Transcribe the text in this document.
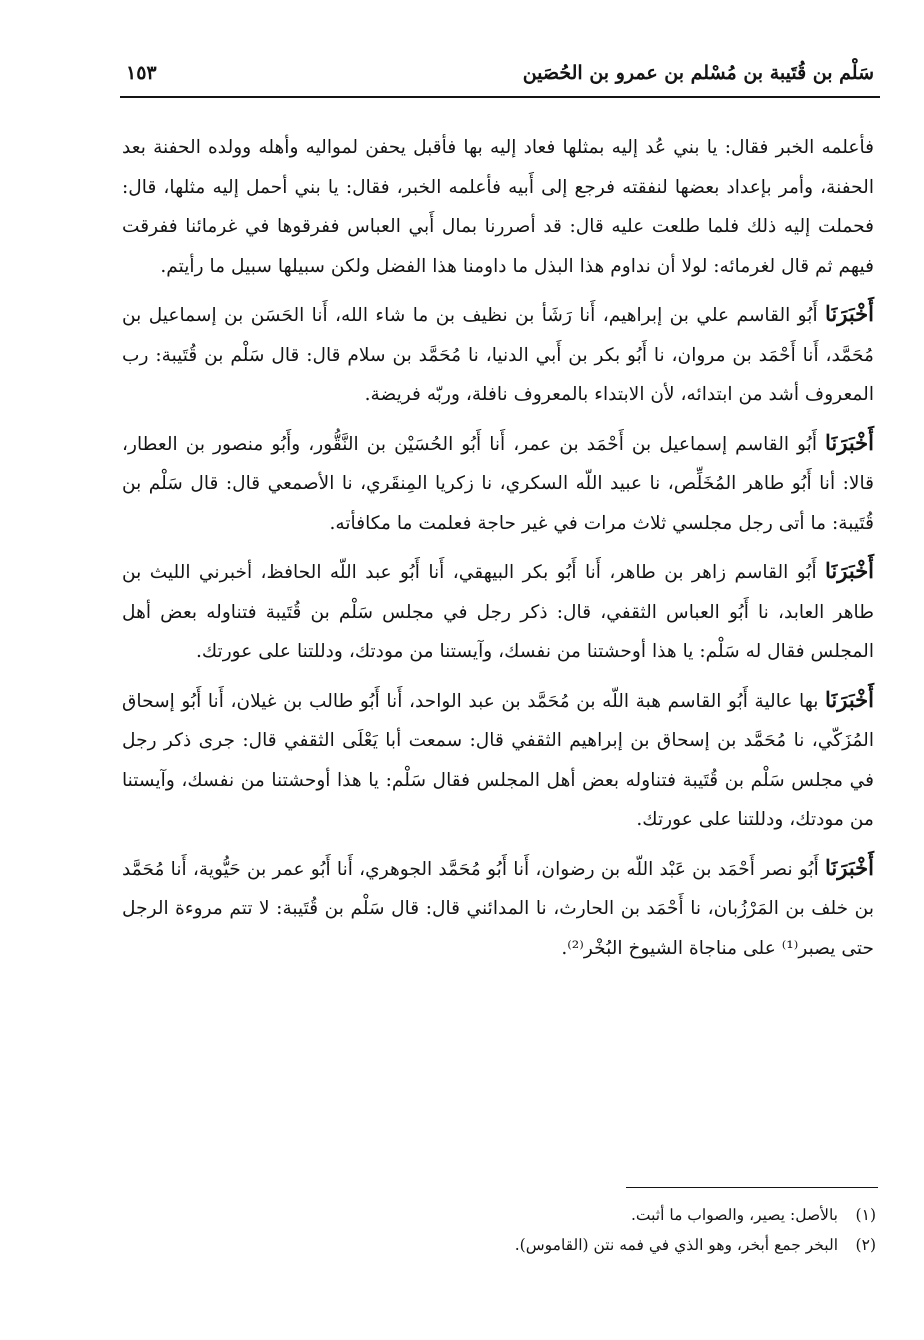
سَلْم بن قُتَيبة بن مُسْلم بن عمرو بن الحُصَين
١٥٣

فأعلمه الخبر فقال: يا بني عُد إليه بمثلها فعاد إليه بها فأقبل يحفن لمواليه وأهله وولده الحفنة بعد الحفنة، وأمر بإعداد بعضها لنفقته فرجع إلى أَبيه فأعلمه الخبر، فقال: يا بني أحمل إليه مثلها، قال: فحملت إليه ذلك فلما طلعت عليه قال: قد أصررنا بمال أَبي العباس ففرقوها في غرمائنا ففرقت فيهم ثم قال لغرمائه: لولا أن نداوم هذا البذل ما داومنا هذا الفضل ولكن سبيلها سبيل ما رأيتم.

أَخْبَرَنَا أَبُو القاسم علي بن إبراهيم، أَنا رَشَأ بن نظيف بن ما شاء الله، أَنا الحَسَن بن إسماعيل بن مُحَمَّد، أَنا أَحْمَد بن مروان، نا أَبُو بكر بن أَبي الدنيا، نا مُحَمَّد بن سلام قال: قال سَلْم بن قُتَيبة: رب المعروف أشد من ابتدائه، لأن الابتداء بالمعروف نافلة، وربّه فريضة.

أَخْبَرَنَا أَبُو القاسم إسماعيل بن أَحْمَد بن عمر، أَنا أَبُو الحُسَيْن بن النَّقُّور، وأَبُو منصور بن العطار، قالا: أنا أَبُو طاهر المُخَلِّص، نا عبيد اللّه السكري، نا زكريا المِنقَري، نا الأصمعي قال: قال سَلْم بن قُتَيبة: ما أتى رجل مجلسي ثلاث مرات في غير حاجة فعلمت ما مكافأته.

أَخْبَرَنَا أَبُو القاسم زاهر بن طاهر، أَنا أَبُو بكر البيهقي، أَنا أَبُو عبد اللّه الحافظ، أخبرني الليث بن طاهر العابد، نا أَبُو العباس الثقفي، قال: ذكر رجل في مجلس سَلْم بن قُتَيبة فتناوله بعض أهل المجلس فقال له سَلْم: يا هذا أوحشتنا من نفسك، وآيستنا من مودتك، ودللتنا على عورتك.

أَخْبَرَنَا بها عالية أَبُو القاسم هبة اللّه بن مُحَمَّد بن عبد الواحد، أَنا أَبُو طالب بن غيلان، أَنا أَبُو إسحاق المُزَكّي، نا مُحَمَّد بن إسحاق بن إبراهيم الثقفي قال: سمعت أبا يَعْلَى الثقفي قال: جرى ذكر رجل في مجلس سَلْم بن قُتَيبة فتناوله بعض أهل المجلس فقال سَلْم: يا هذا أوحشتنا من نفسك، وآيستنا من مودتك، ودللتنا على عورتك.

أَخْبَرَنَا أَبُو نصر أَحْمَد بن عَبْد اللّه بن رضوان، أَنا أَبُو مُحَمَّد الجوهري، أَنا أَبُو عمر بن حَيُّوية، أَنا مُحَمَّد بن خلف بن المَرْزُبان، نا أَحْمَد بن الحارث، نا المدائني قال: قال سَلْم بن قُتَيبة: لا تتم مروءة الرجل حتى يصبر⁽¹⁾ على مناجاة الشيوخ البُخْر⁽²⁾.

(١)بالأصل: يصير، والصواب ما أثبت.
(٢)البخر جمع أبخر، وهو الذي في فمه نتن (القاموس).
